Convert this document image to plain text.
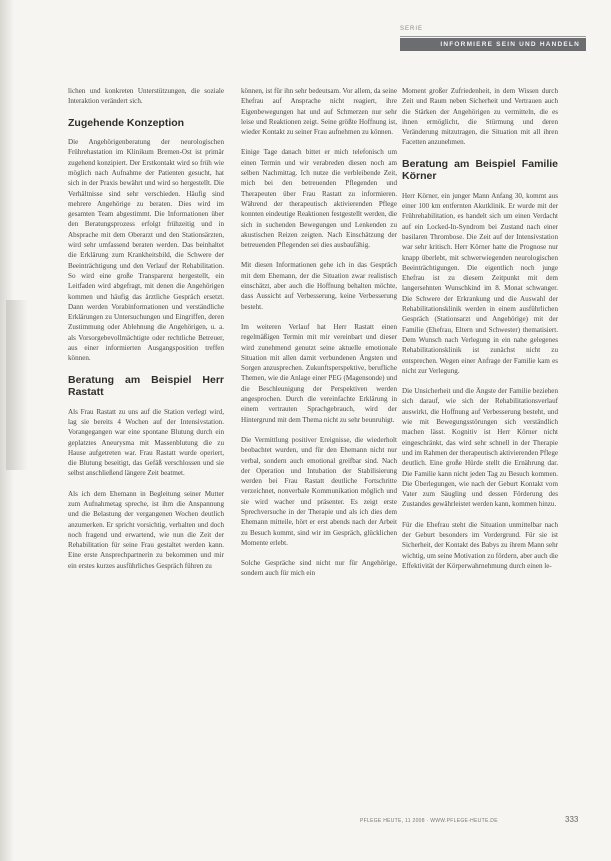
SERIE
INFORMIERE SEIN UND HANDELN

lichen und konkreten Unterstützungen, die soziale Interaktion verändert sich.

Zugehende Konzeption

Die Angehörigenberatung der neurologischen Frührehastation im Klinikum Bremen-Ost ist primär zugehend konzipiert. Der Erstkontakt wird so früh wie möglich nach Aufnahme der Patienten gesucht, hat sich in der Praxis bewährt und wird so hergestellt. Die Verhältnisse sind sehr verschieden. Häufig sind mehrere Angehörige zu beraten. Dies wird im gesamten Team abgestimmt. Die Informationen über den Beratungsprozess erfolgt frühzeitig und in Absprache mit dem Oberarzt und den Stationsärzten, wird sehr umfassend beraten werden. Das beinhaltet die Erklärung zum Krankheitsbild, die Schwere der Beeinträchtigung und den Verlauf der Rehabilitation. So wird eine große Transparenz hergestellt, ein Leitfaden wird abgefragt, mit denen die Angehörigen kommen und häufig das ärztliche Gespräch ersetzt. Dann werden Vorabinformationen und verständliche Erklärungen zu Untersuchungen und Eingriffen, deren Zustimmung oder Ablehnung die Angehörigen, u. a. als Vorsorgebevollmächtigte oder rechtliche Betreuer, aus einer informierten Ausgangsposition treffen können.

Beratung am Beispiel Herr Rastatt

Als Frau Rastatt zu uns auf die Station verlegt wird, lag sie bereits 4 Wochen auf der Intensivstation. Vorangegangen war eine spontane Blutung durch ein geplatztes Aneurysma mit Massenblutung die zu Hause aufgetreten war. Frau Rastatt wurde operiert, die Blutung beseitigt, das Gefäß verschlossen und sie selbst anschließend längere Zeit beatmet.

Als ich dem Ehemann in Begleitung seiner Mutter zum Aufnahmetag spreche, ist ihm die Anspannung und die Belastung der vergangenen Wochen deutlich anzumerken. Er spricht vorsichtig, verhalten und doch noch fragend und erwartend, wie nun die Zeit der Rehabilitation für seine Frau gestaltet werden kann. Eine erste Ansprechpartnerin zu bekommen und mir ein erstes kurzes ausführliches Gespräch führen zu

können, ist für ihn sehr bedeutsam. Vor allem, da seine Ehefrau auf Ansprache nicht reagiert, ihre Eigenbewegungen hat und auf Schmerzen nur sehr leise und Reaktionen zeigt. Seine größte Hoffnung ist, wieder Kontakt zu seiner Frau aufnehmen zu können.

Einige Tage danach bittet er mich telefonisch um einen Termin und wir verabreden diesen noch am selben Nachmittag. Ich nutze die verbleibende Zeit, mich bei den betreuenden Pflegenden und Therapeuten über Frau Rastatt zu informieren. Während der therapeutisch aktivierenden Pflege konnten eindeutige Reaktionen festgestellt werden, die sich in suchenden Bewegungen und Lenkenden zu akustischen Reizen zeigten. Nach Einschätzung der betreuenden Pflegenden sei dies ausbaufähig.

Mit diesen Informationen gehe ich in das Gespräch mit dem Ehemann, der die Situation zwar realistisch einschätzt, aber auch die Hoffnung behalten möchte, dass Aussicht auf Verbesserung, keine Verbesserung besteht.

Im weiteren Verlauf hat Herr Rastatt einen regelmäßigen Termin mit mir vereinbart und dieser wird zunehmend genutzt seine aktuelle emotionale Situation mit allen damit verbundenen Ängsten und Sorgen anzusprechen. Zukunftsperspektive, berufliche Themen, wie die Anlage einer PEG (Magensonde) und die Beschleunigung der Perspektiven werden angesprochen. Durch die vereinfachte Erklärung in einem vertrauten Sprachgebrauch, wird der Hintergrund mit dem Thema nicht zu sehr beunruhigt.

Die Vermittlung positiver Ereignisse, die wiederholt beobachtet wurden, und für den Ehemann nicht nur verbal, sondern auch emotional greifbar sind. Nach der Operation und Intubation der Stabilisierung werden bei Frau Rastatt deutliche Fortschritte verzeichnet, nonverbale Kommunikation möglich und sie wird wacher und präsenter. Es zeigt erste Sprechversuche in der Therapie und als ich dies dem Ehemann mitteile, hört er erst abends nach der Arbeit zu Besuch kommt, sind wir im Gespräch, glücklichen Momente erlebt.

Solche Gespräche sind nicht nur für Angehörige, sondern auch für mich ein

Moment großer Zufriedenheit, in dem Wissen durch Zeit und Raum neben Sicherheit und Vertrauen auch die Stärken der Angehörigen zu vermitteln, die es ihnen ermöglicht, die Stürmung und deren Veränderung mitzutragen, die Situation mit all ihren Facetten anzunehmen.

Beratung am Beispiel Familie Körner

Herr Körner, ein junger Mann Anfang 30, kommt aus einer 100 km entfernten Akutklinik. Er wurde mit der Frührehabilitation, es handelt sich um einen Verdacht auf ein Locked-In-Syndrom bei Zustand nach einer basilaren Thrombose. Die Zeit auf der Intensivstation war sehr kritisch. Herr Körner hatte die Prognose nur knapp überlebt, mit schwerwiegenden neurologischen Beeinträchtigungen. Die eigentlich noch junge Ehefrau ist zu diesem Zeitpunkt mit dem langersehnten Wunschkind im 8. Monat schwanger. Die Schwere der Erkrankung und die Auswahl der Rehabilitationsklinik werden in einem ausführlichen Gespräch (Stationsarzt und Angehörige) mit der Familie (Ehefrau, Eltern und Schwester) thematisiert. Dem Wunsch nach Verlegung in ein nahe gelegenes Rehabilitationsklinik ist zunächst nicht zu entsprechen. Wegen einer Anfrage der Familie kam es nicht zur Verlegung.

Die Unsicherheit und die Ängste der Familie beziehen sich darauf, wie sich der Rehabilitationsverlauf auswirkt, die Hoffnung auf Verbesserung besteht, und wie mit Bewegungsstörungen sich verständlich machen lässt. Kognitiv ist Herr Körner nicht eingeschränkt, das wird sehr schnell in der Therapie und im Rahmen der therapeutisch aktivierenden Pflege deutlich. Eine große Hürde stellt die Ernährung dar. Die Familie kann nicht jeden Tag zu Besuch kommen. Die Überlegungen, wie nach der Geburt Kontakt vom Vater zum Säugling und dessen Förderung des Zustandes gewährleistet werden kann, kommen hinzu.

Für die Ehefrau steht die Situation unmittelbar nach der Geburt besonders im Vordergrund. Für sie ist Sicherheit, der Kontakt des Babys zu ihrem Mann sehr wichtig, um seine Motivation zu fördern, aber auch die Effektivität der Körperwahrnehmung durch einen le-

PFLEGE HEUTE, 11 2008 · WWW.PFLEGE-HEUTE.DE	333
